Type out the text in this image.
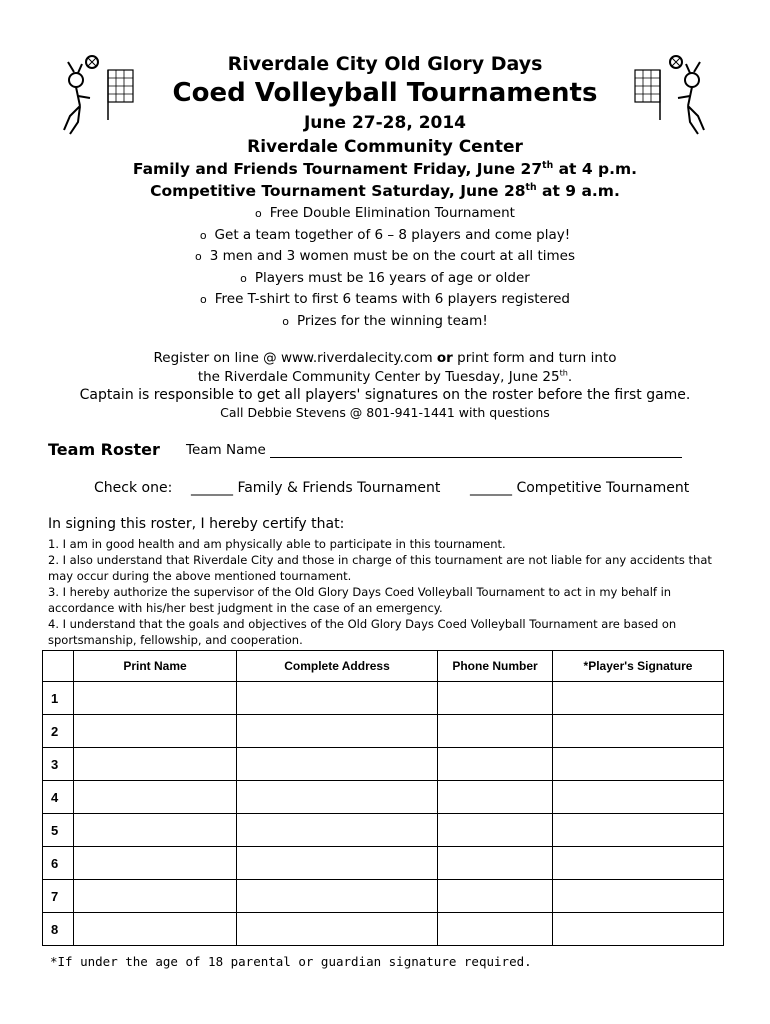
Riverdale City Old Glory Days
Coed Volleyball Tournaments
June 27-28, 2014
Riverdale Community Center
Family and Friends Tournament Friday, June 27th at 4 p.m.
Competitive Tournament Saturday, June 28th at 9 a.m.
o Free Double Elimination Tournament
o Get a team together of 6 – 8 players and come play!
o 3 men and 3 women must be on the court at all times
o Players must be 16 years of age or older
o Free T-shirt to first 6 teams with 6 players registered
o Prizes for the winning team!
Register on line @ www.riverdalecity.com or print form and turn into
the Riverdale Community Center by Tuesday, June 25th.
Captain is responsible to get all players' signatures on the roster before the first game.
Call Debbie Stevens @ 801-941-1441 with questions
Team Roster Team Name
Check one: ______ Family & Friends Tournament ______ Competitive Tournament
In signing this roster, I hereby certify that:
1. I am in good health and am physically able to participate in this tournament.
2. I also understand that Riverdale City and those in charge of this tournament are not liable for any accidents that may occur during the above mentioned tournament.
3. I hereby authorize the supervisor of the Old Glory Days Coed Volleyball Tournament to act in my behalf in accordance with his/her best judgment in the case of an emergency.
4. I understand that the goals and objectives of the Old Glory Days Coed Volleyball Tournament are based on sportsmanship, fellowship, and cooperation.
	Print Name	Complete Address	Phone Number	*Player's Signature
1				
2				
3				
4				
5				
6				
7				
8				
*If under the age of 18 parental or guardian signature required.
